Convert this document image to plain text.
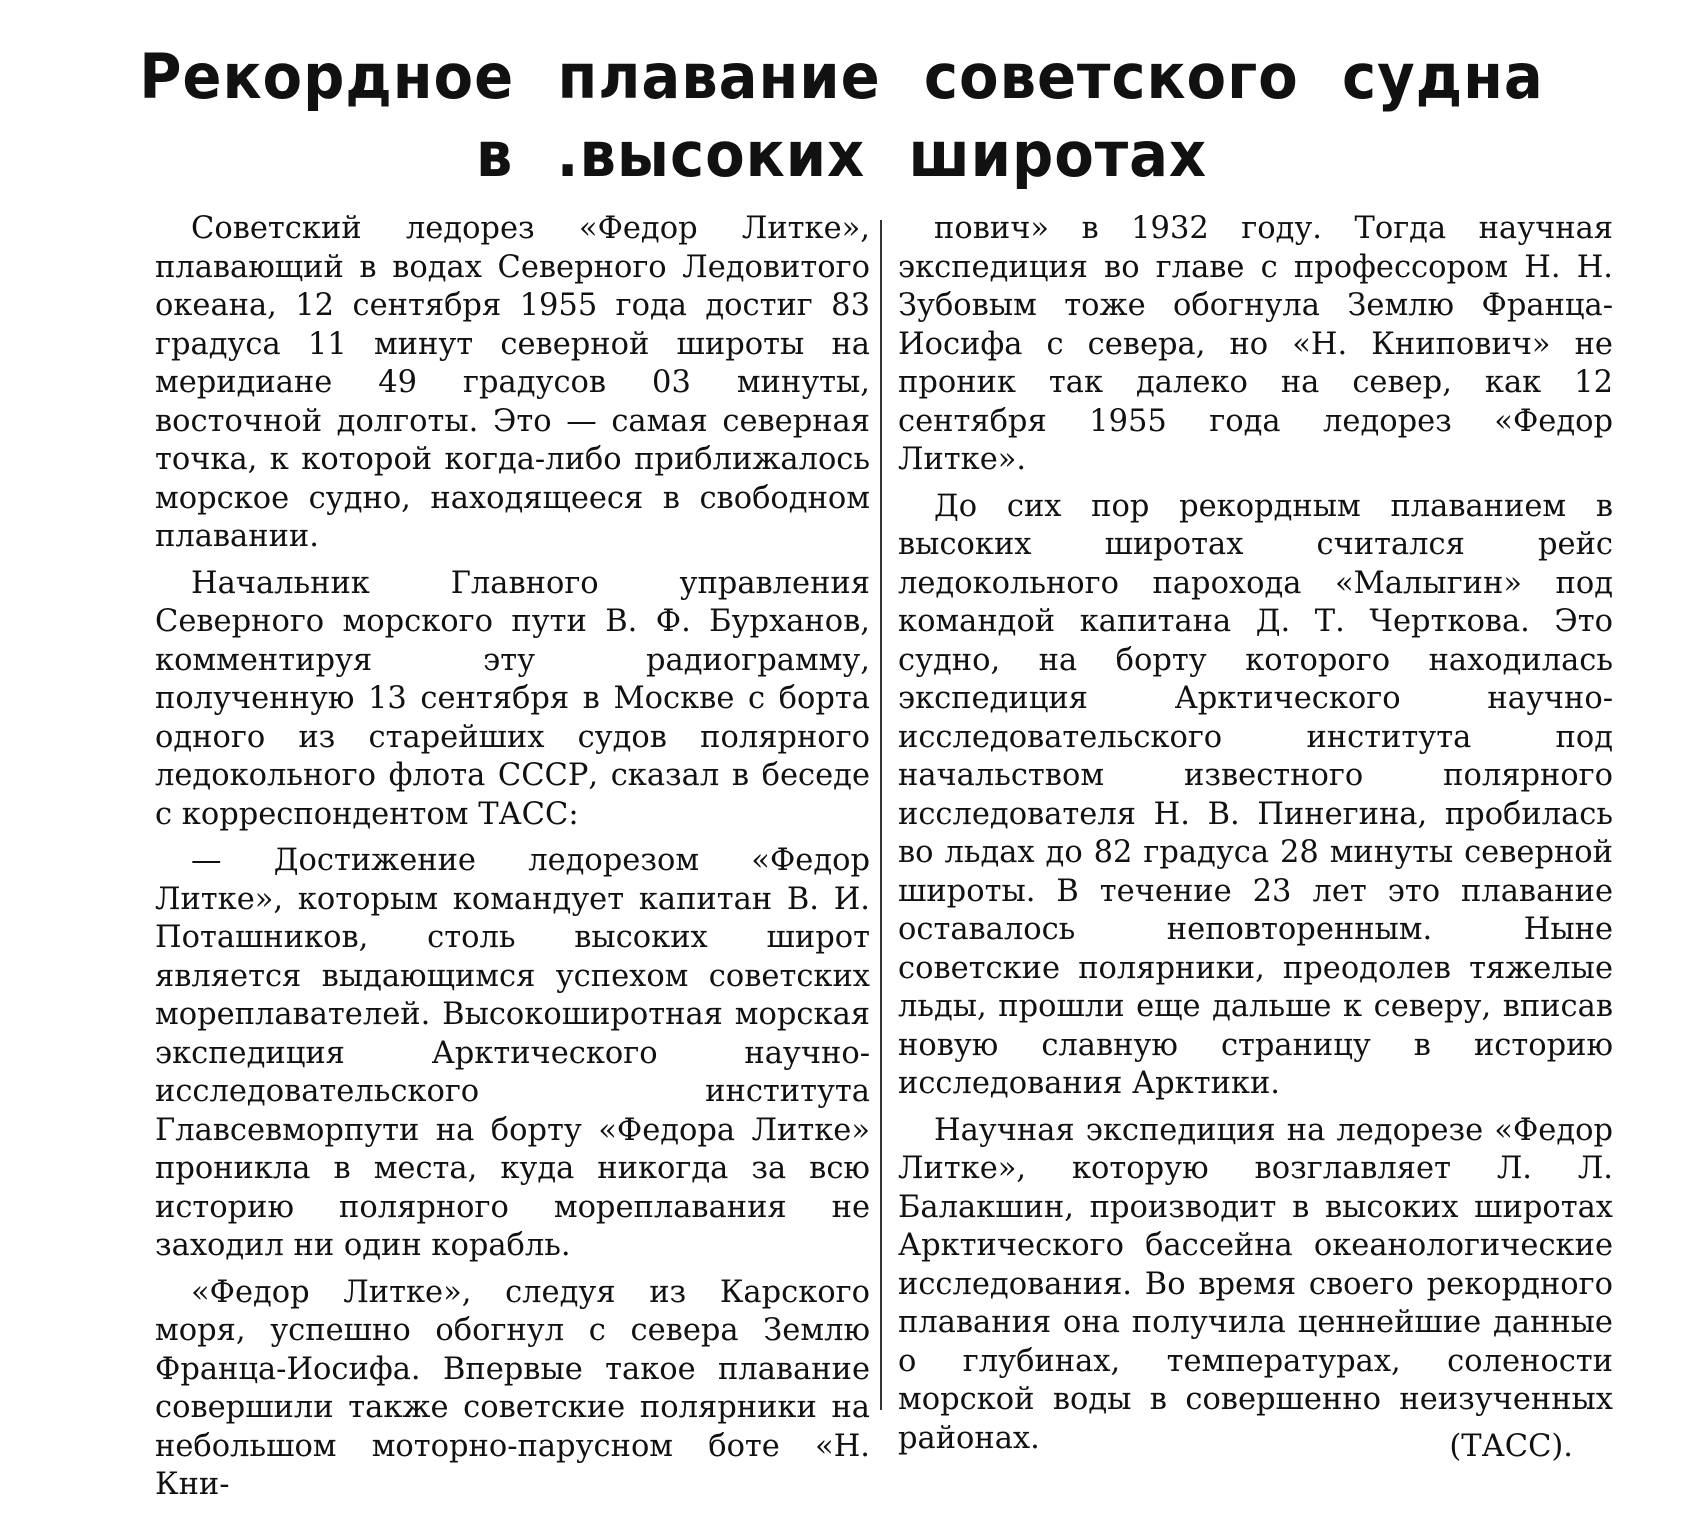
Рекордное плавание советского судна
в .высоких широтах

Советский ледорез «Федор Литке», плавающий в водах Северного Ледовитого океана, 12 сентября 1955 года достиг 83 градуса 11 минут северной широты на меридиане 49 градусов 03 минуты, восточной долготы. Это — самая северная точка, к которой когда-либо приближалось морское судно, находящееся в свободном плавании.

Начальник Главного управления Северного морского пути В. Ф. Бурханов, комментируя эту радиограмму, полученную 13 сентября в Москве с борта одного из старейших судов полярного ледокольного флота СССР, сказал в беседе с корреспондентом ТАСС:

— Достижение ледорезом «Федор Литке», которым командует капитан В. И. Поташников, столь высоких широт является выдающимся успехом советских мореплавателей. Высокоширотная морская экспедиция Арктического научно-исследовательского института Главсевморпути на борту «Федора Литке» проникла в места, куда никогда за всю историю полярного мореплавания не заходил ни один корабль.

«Федор Литке», следуя из Карского моря, успешно обогнул с севера Землю Франца-Иосифа. Впервые такое плавание совершили также советские полярники на небольшом моторно-парусном боте «Н. Кни-

пович» в 1932 году. Тогда научная экспедиция во главе с профессором Н. Н. Зубовым тоже обогнула Землю Франца-Иосифа с севера, но «Н. Книпович» не проник так далеко на север, как 12 сентября 1955 года ледорез «Федор Литке».

До сих пор рекордным плаванием в высоких широтах считался рейс ледокольного парохода «Малыгин» под командой капитана Д. Т. Черткова. Это судно, на борту которого находилась экспедиция Арктического научно-исследовательского института под начальством известного полярного исследователя Н. В. Пинегина, пробилась во льдах до 82 градуса 28 минуты северной широты. В течение 23 лет это плавание оставалось неповторенным. Ныне советские полярники, преодолев тяжелые льды, прошли еще дальше к северу, вписав новую славную страницу в историю исследования Арктики.

Научная экспедиция на ледорезе «Федор Литке», которую возглавляет Л. Л. Балакшин, производит в высоких широтах Арктического бассейна океанологические исследования. Во время своего рекордного плавания она получила ценнейшие данные о глубинах, температурах, солености морской воды в совершенно неизученных районах.	(ТАСС).
